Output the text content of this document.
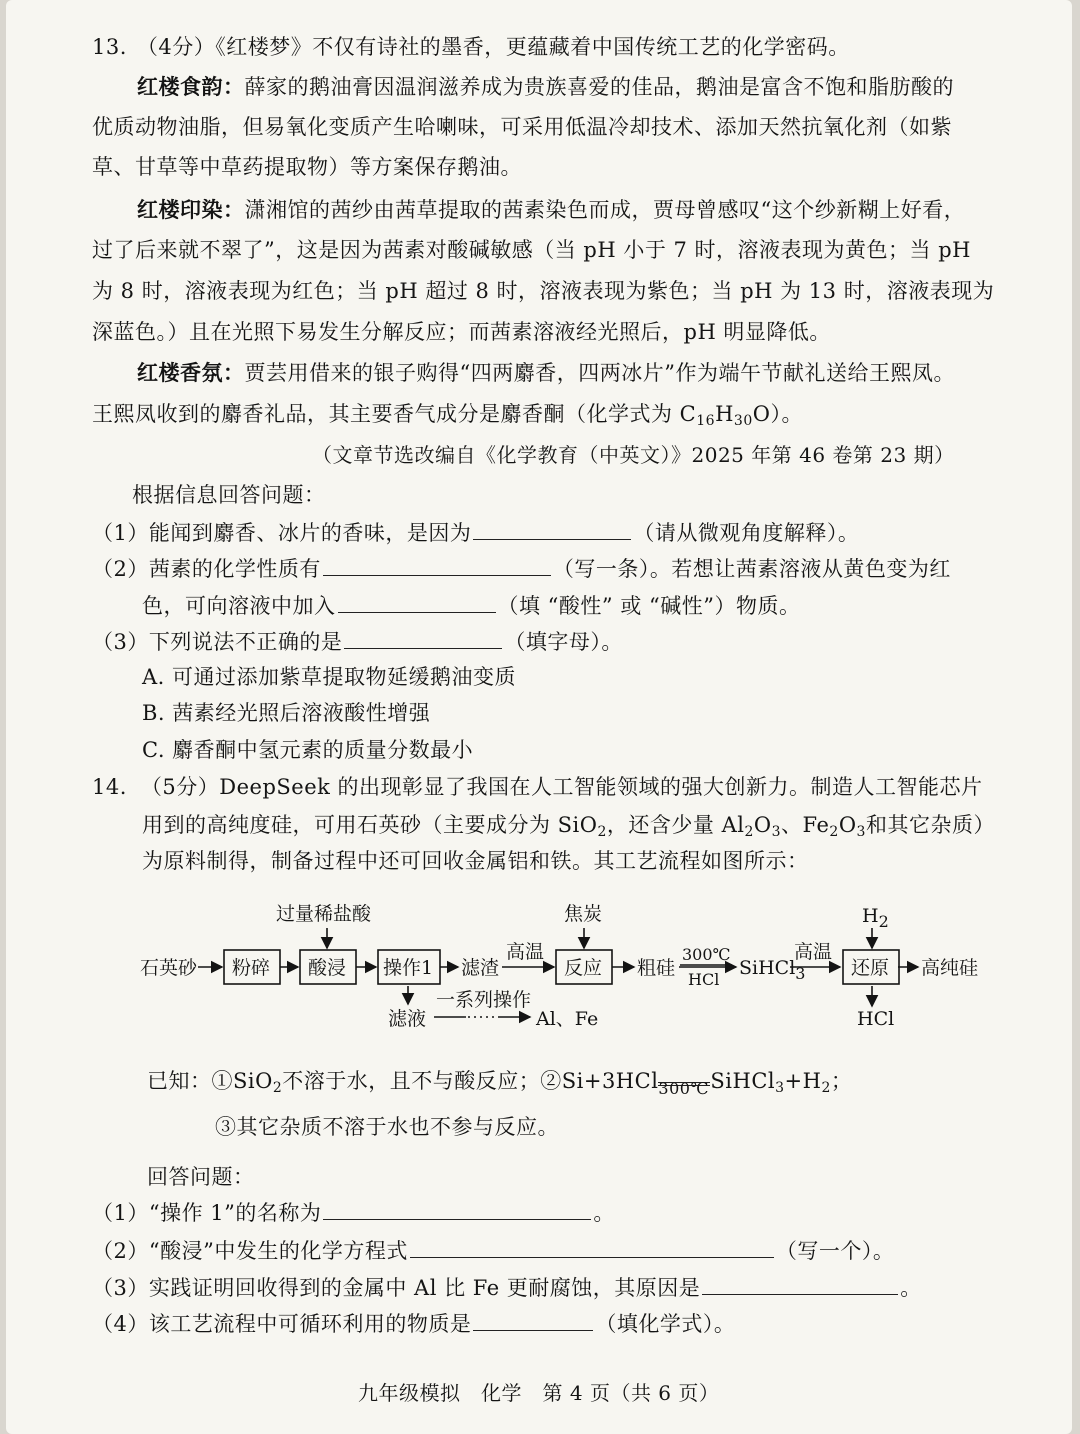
13. （4分）《红楼梦》不仅有诗社的墨香，更蕴藏着中国传统工艺的化学密码。
红楼食韵：薛家的鹅油膏因温润滋养成为贵族喜爱的佳品，鹅油是富含不饱和脂肪酸的
优质动物油脂，但易氧化变质产生哈喇味，可采用低温冷却技术、添加天然抗氧化剂（如紫
草、甘草等中草药提取物）等方案保存鹅油。
红楼印染：潇湘馆的茜纱由茜草提取的茜素染色而成，贾母曾感叹“这个纱新糊上好看，
过了后来就不翠了”，这是因为茜素对酸碱敏感（当 pH 小于 7 时，溶液表现为黄色；当 pH
为 8 时，溶液表现为红色；当 pH 超过 8 时，溶液表现为紫色；当 pH 为 13 时，溶液表现为
深蓝色。）且在光照下易发生分解反应；而茜素溶液经光照后，pH 明显降低。
红楼香氛：贾芸用借来的银子购得“四两麝香，四两冰片”作为端午节献礼送给王熙凤。
王熙凤收到的麝香礼品，其主要香气成分是麝香酮（化学式为 $C_{16}H_{30}O$）。
（文章节选改编自《化学教育（中英文）》2025 年第 46 卷第 23 期）
根据信息回答问题：
（1）能闻到麝香、冰片的香味，是因为	（请从微观角度解释）。
（2）茜素的化学性质有	（写一条）。若想让茜素溶液从黄色变为红
色，可向溶液中加入	（填 “酸性” 或 “碱性”）物质。
（3）下列说法不正确的是	（填字母）。
A. 可通过添加紫草提取物延缓鹅油变质
B. 茜素经光照后溶液酸性增强
C. 麝香酮中氢元素的质量分数最小
14. （5分）DeepSeek 的出现彰显了我国在人工智能领域的强大创新力。制造人工智能芯片
用到的高纯度硅，可用石英砂（主要成分为 SiO$_2$，还含少量 $Al_2O_3$、$Fe_2O_3$和其它杂质）
为原料制得，制备过程中还可回收金属铝和铁。其工艺流程如图所示：
石英砂 粉碎
过量稀盐酸
酸浸 操作1 滤渣
高温
焦炭
反应 粗硅
300℃
HCl
SiHCl$_3$
高温
$H_2$
还原 高纯硅
HCl
滤液
一系列操作
Al、Fe
已知：①SiO$_2$不溶于水，且不与酸反应；②Si+3HCl 300℃ $SiHCl_3+H_2$；
③其它杂质不溶于水也不参与反应。
回答问题：
（1）“操作 1”的名称为	。
（2）“酸浸”中发生的化学方程式	（写一个）。
（3）实践证明回收得到的金属中 Al 比 Fe 更耐腐蚀，其原因是	。
（4）该工艺流程中可循环利用的物质是	（填化学式）。
九年级模拟　化学　第 4 页（共 6 页）
